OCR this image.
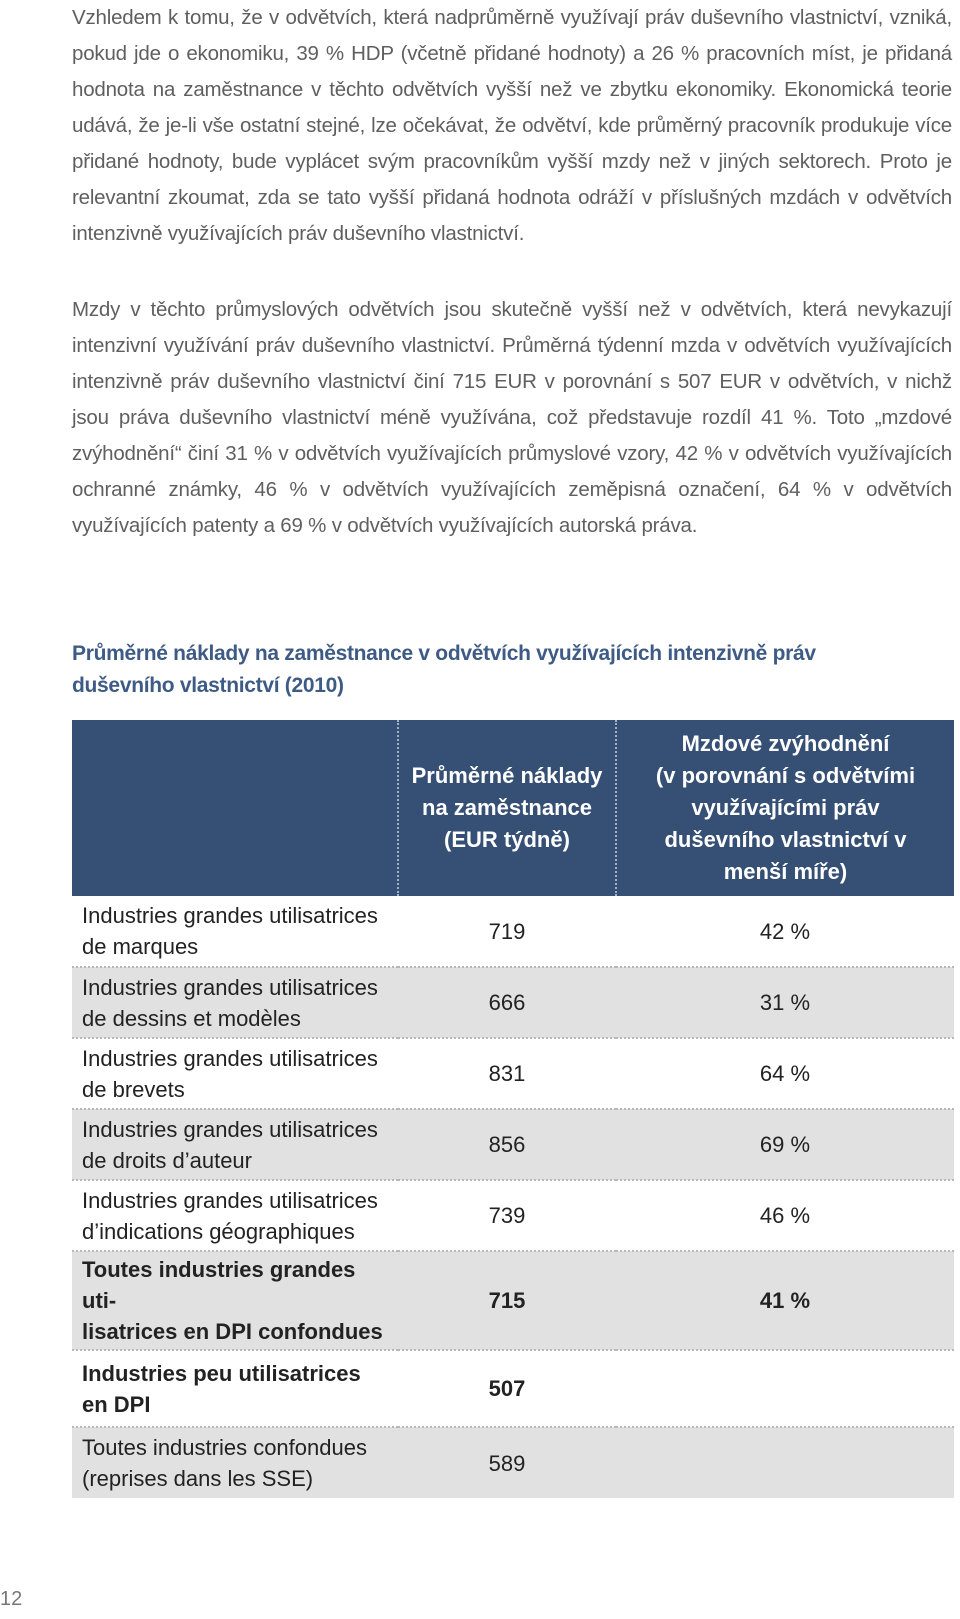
Vzhledem k tomu, že v odvětvích, která nadprůměrně využívají práv duševního vlastnictví, vzniká, pokud jde o ekonomiku, 39 % HDP (včetně přidané hodnoty) a 26 % pracovních míst, je přidaná hodnota na zaměstnance v těchto odvětvích vyšší než ve zbytku ekonomiky. Ekonomická teorie udává, že je-li vše ostatní stejné, lze očekávat, že odvětví, kde průměrný pracovník produkuje více přidané hodnoty, bude vyplácet svým pracovníkům vyšší mzdy než v jiných sektorech. Proto je relevantní zkoumat, zda se tato vyšší přidaná hodnota odráží v příslušných mzdách v odvětvích intenzivně využívajících práv duševního vlastnictví.

Mzdy v těchto průmyslových odvětvích jsou skutečně vyšší než v odvětvích, která nevykazují intenzivní využívání práv duševního vlastnictví. Průměrná týdenní mzda v odvětvích využívajících intenzivně práv duševního vlastnictví činí 715 EUR v porovnání s 507 EUR v odvětvích, v nichž jsou práva duševního vlastnictví méně využívána, což představuje rozdíl 41 %. Toto „mzdové zvýhodnění“ činí 31 % v odvětvích využívajících průmyslové vzory, 42 % v odvětvích využívajících ochranné známky, 46 % v odvětvích využívajících zeměpisná označení, 64 % v odvětvích využívajících patenty a 69 % v odvětvích využívajících autorská práva.

Průměrné náklady na zaměstnance v odvětvích využívajících intenzivně práv
duševního vlastnictví (2010)

	Průměrné náklady
na zaměstnance
(EUR týdně)	Mzdové zvýhodnění
(v porovnání s odvětvími
využívajícími práv
duševního vlastnictví v
menší míře)

Industries grandes utilisatrices
de marques	719	42 %

Industries grandes utilisatrices
de dessins et modèles	666	31 %

Industries grandes utilisatrices
de brevets	831	64 %

Industries grandes utilisatrices
de droits d’auteur	856	69 %

Industries grandes utilisatrices
d’indications géographiques	739	46 %

Toutes industries grandes uti-
lisatrices en DPI confondues	715	41 %

Industries peu utilisatrices
en DPI	507	

Toutes industries confondues
(reprises dans les SSE)	589	
12
